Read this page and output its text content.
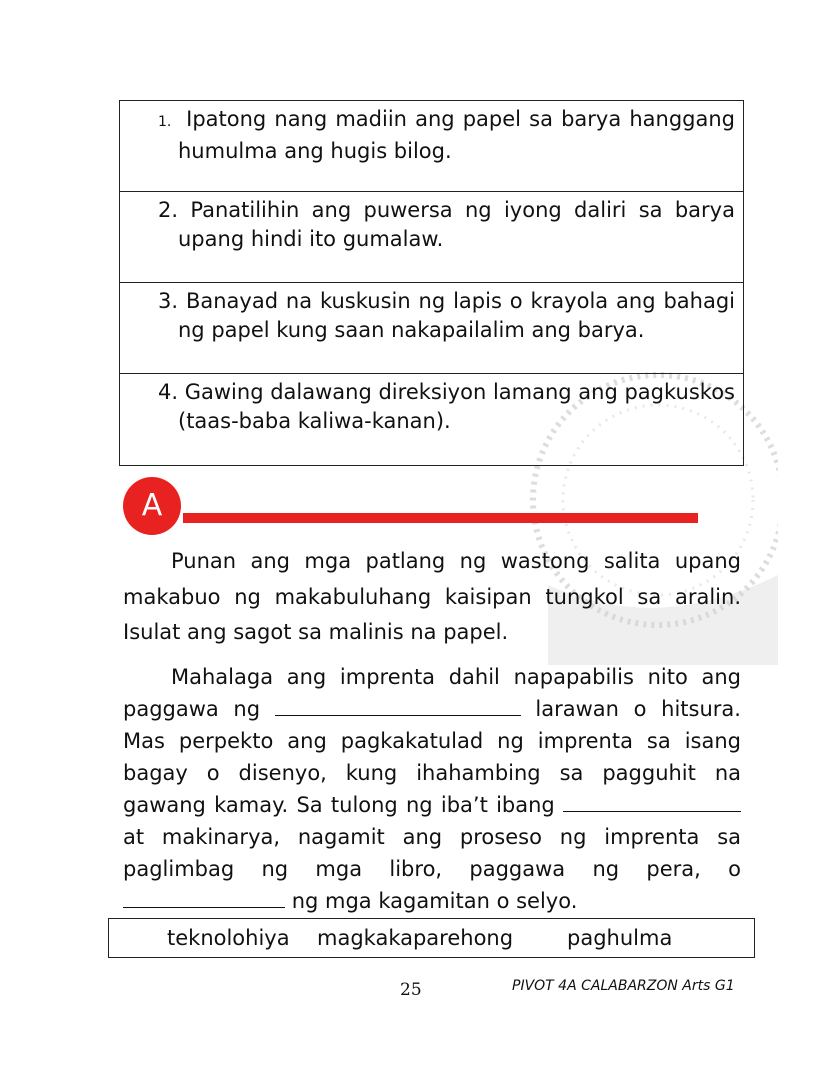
1. Ipatong nang madiin ang papel sa barya hanggang humulma ang hugis bilog.
2. Panatilihin ang puwersa ng iyong daliri sa barya upang hindi ito gumalaw.
3. Banayad na kuskusin ng lapis o krayola ang bahagi ng papel kung saan nakapailalim ang barya.
4. Gawing dalawang direksiyon lamang ang pagkuskos (taas-baba kaliwa-kanan).
A
Punan ang mga patlang ng wastong salita upang makabuo ng makabuluhang kaisipan tungkol sa aralin. Isulat ang sagot sa malinis na papel.
Mahalaga ang imprenta dahil napapabilis nito ang paggawa ng	larawan o hitsura. Mas perpekto ang pagkakatulad ng imprenta sa isang bagay o disenyo, kung ihahambing sa pagguhit na gawang kamay. Sa tulong ng iba’t ibang  at makinarya, nagamit ang proseso ng imprenta sa paglimbag ng mga libro, paggawa ng pera, o  ng mga kagamitan o selyo.
teknolohiya magkakaparehong	paghulma
25	PIVOT 4A CALABARZON Arts G1
